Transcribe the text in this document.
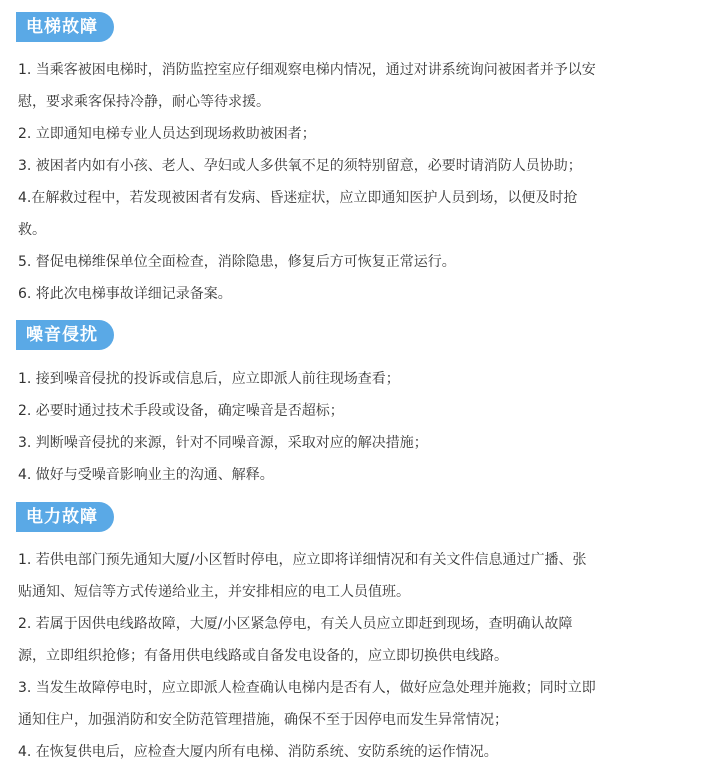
电梯故障
1. 当乘客被困电梯时，消防监控室应仔细观察电梯内情况，通过对讲系统询问被困者并予以安
慰，要求乘客保持冷静，耐心等待求援。
2. 立即通知电梯专业人员达到现场救助被困者；
3. 被困者内如有小孩、老人、孕妇或人多供氧不足的须特别留意，必要时请消防人员协助；
4.在解救过程中，若发现被困者有发病、昏迷症状，应立即通知医护人员到场，以便及时抢
救。
5. 督促电梯维保单位全面检查，消除隐患，修复后方可恢复正常运行。
6. 将此次电梯事故详细记录备案。
噪音侵扰
1. 接到噪音侵扰的投诉或信息后，应立即派人前往现场查看；
2. 必要时通过技术手段或设备，确定噪音是否超标；
3. 判断噪音侵扰的来源，针对不同噪音源，采取对应的解决措施；
4. 做好与受噪音影响业主的沟通、解释。
电力故障
1. 若供电部门预先通知大厦/小区暂时停电，应立即将详细情况和有关文件信息通过广播、张
贴通知、短信等方式传递给业主，并安排相应的电工人员值班。
2. 若属于因供电线路故障，大厦/小区紧急停电，有关人员应立即赶到现场，查明确认故障
源，立即组织抢修；有备用供电线路或自备发电设备的，应立即切换供电线路。
3. 当发生故障停电时，应立即派人检查确认电梯内是否有人，做好应急处理并施救；同时立即
通知住户，加强消防和安全防范管理措施，确保不至于因停电而发生异常情况；
4. 在恢复供电后，应检查大厦内所有电梯、消防系统、安防系统的运作情况。
